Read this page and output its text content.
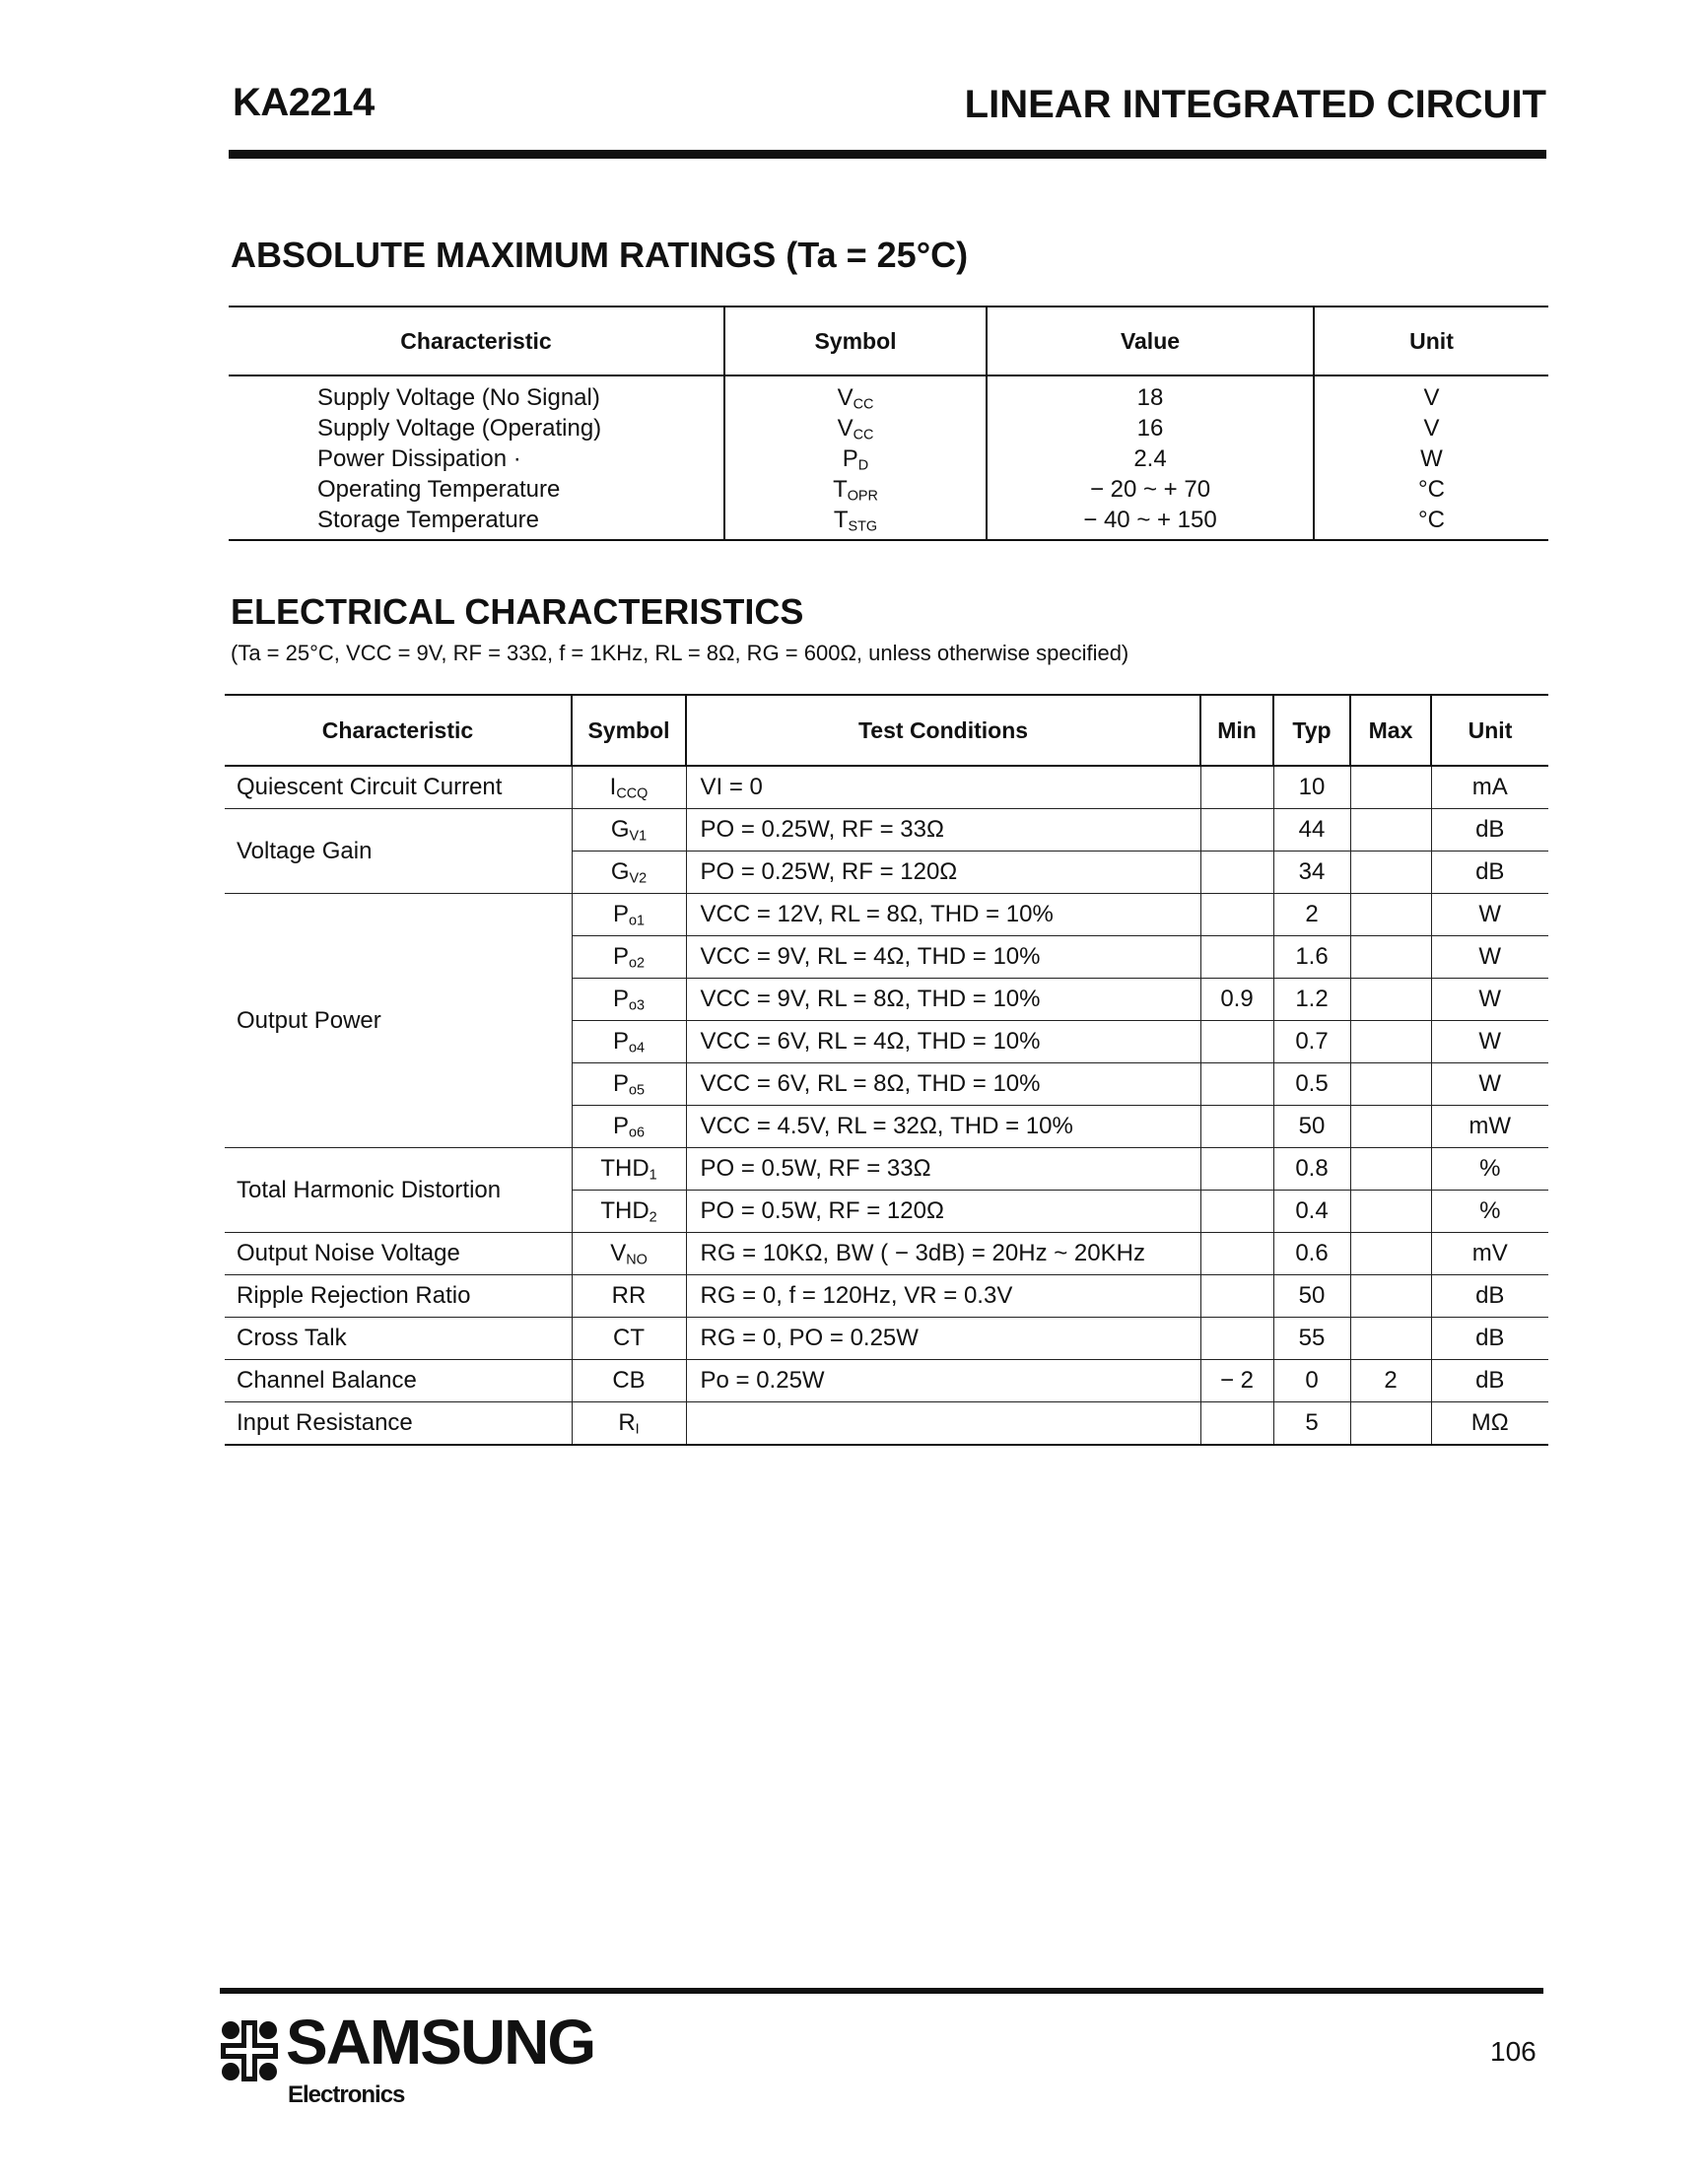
KA2214	LINEAR INTEGRATED CIRCUIT
ABSOLUTE MAXIMUM RATINGS (Ta = 25°C)
Characteristic	Symbol	Value	Unit
Supply Voltage (No Signal)	$V_{CC}$	18	V
Supply Voltage (Operating)	$V_{CC}$	16	V
Power Dissipation ·	$P_D$	2.4	W
Operating Temperature	$T_{OPR}$	− 20 ~ + 70	°C
Storage Temperature	$T_{STG}$	− 40 ~ + 150	°C
ELECTRICAL CHARACTERISTICS
(Ta = 25°C, VCC = 9V, RF = 33Ω, f = 1KHz, RL = 8Ω, RG = 600Ω, unless otherwise specified)
Characteristic	Symbol	Test Conditions	Min	Typ	Max	Unit
Quiescent Circuit Current	$I_{CCQ}$	VI = 0		10		mA
Voltage Gain	$G_{V1}$	PO = 0.25W, RF = 33Ω		44		dB
	$G_{V2}$	PO = 0.25W, RF = 120Ω		34		dB
Output Power	$P_{o1}$	VCC = 12V, RL = 8Ω, THD = 10%		2		W
	$P_{o2}$	VCC = 9V, RL = 4Ω, THD = 10%		1.6		W
	$P_{o3}$	VCC = 9V, RL = 8Ω, THD = 10%	0.9	1.2		W
	$P_{o4}$	VCC = 6V, RL = 4Ω, THD = 10%		0.7		W
	$P_{o5}$	VCC = 6V, RL = 8Ω, THD = 10%		0.5		W
	$P_{o6}$	VCC = 4.5V, RL = 32Ω, THD = 10%		50		mW
Total Harmonic Distortion	$THD_1$	PO = 0.5W, RF = 33Ω		0.8		%
	$THD_2$	PO = 0.5W, RF = 120Ω		0.4		%
Output Noise Voltage	$V_{NO}$	RG = 10KΩ, BW ( − 3dB) = 20Hz ~ 20KHz		0.6		mV
Ripple Rejection Ratio	RR	RG = 0, f = 120Hz, VR = 0.3V		50		dB
Cross Talk	CT	RG = 0, PO = 0.25W		55		dB
Channel Balance	CB	Po = 0.25W	− 2	0	2	dB
Input Resistance	$R_I$			5		MΩ
SAMSUNG
Electronics
106
